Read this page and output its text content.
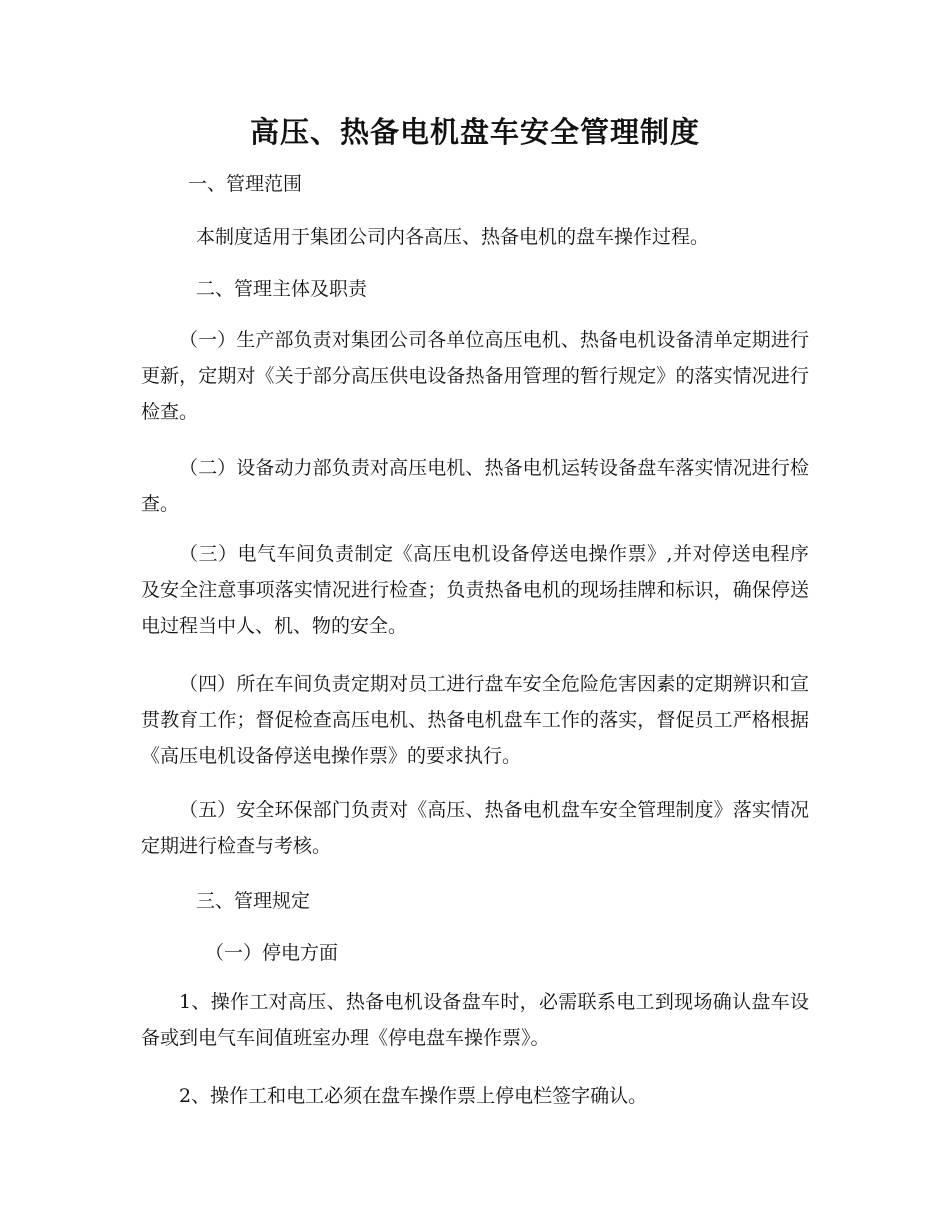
高压、热备电机盘车安全管理制度
一、管理范围
本制度适用于集团公司内各高压、热备电机的盘车操作过程。
二、管理主体及职责
（一）生产部负责对集团公司各单位高压电机、热备电机设备清单定期进行更新，定期对《关于部分高压供电设备热备用管理的暂行规定》的落实情况进行检查。
（二）设备动力部负责对高压电机、热备电机运转设备盘车落实情况进行检查。
（三）电气车间负责制定《高压电机设备停送电操作票》,并对停送电程序及安全注意事项落实情况进行检查；负责热备电机的现场挂牌和标识，确保停送电过程当中人、机、物的安全。
（四）所在车间负责定期对员工进行盘车安全危险危害因素的定期辨识和宣贯教育工作；督促检查高压电机、热备电机盘车工作的落实，督促员工严格根据《高压电机设备停送电操作票》的要求执行。
（五）安全环保部门负责对《高压、热备电机盘车安全管理制度》落实情况定期进行检查与考核。
三、管理规定
（一）停电方面
1、操作工对高压、热备电机设备盘车时，必需联系电工到现场确认盘车设备或到电气车间值班室办理《停电盘车操作票》。
2、操作工和电工必须在盘车操作票上停电栏签字确认。
